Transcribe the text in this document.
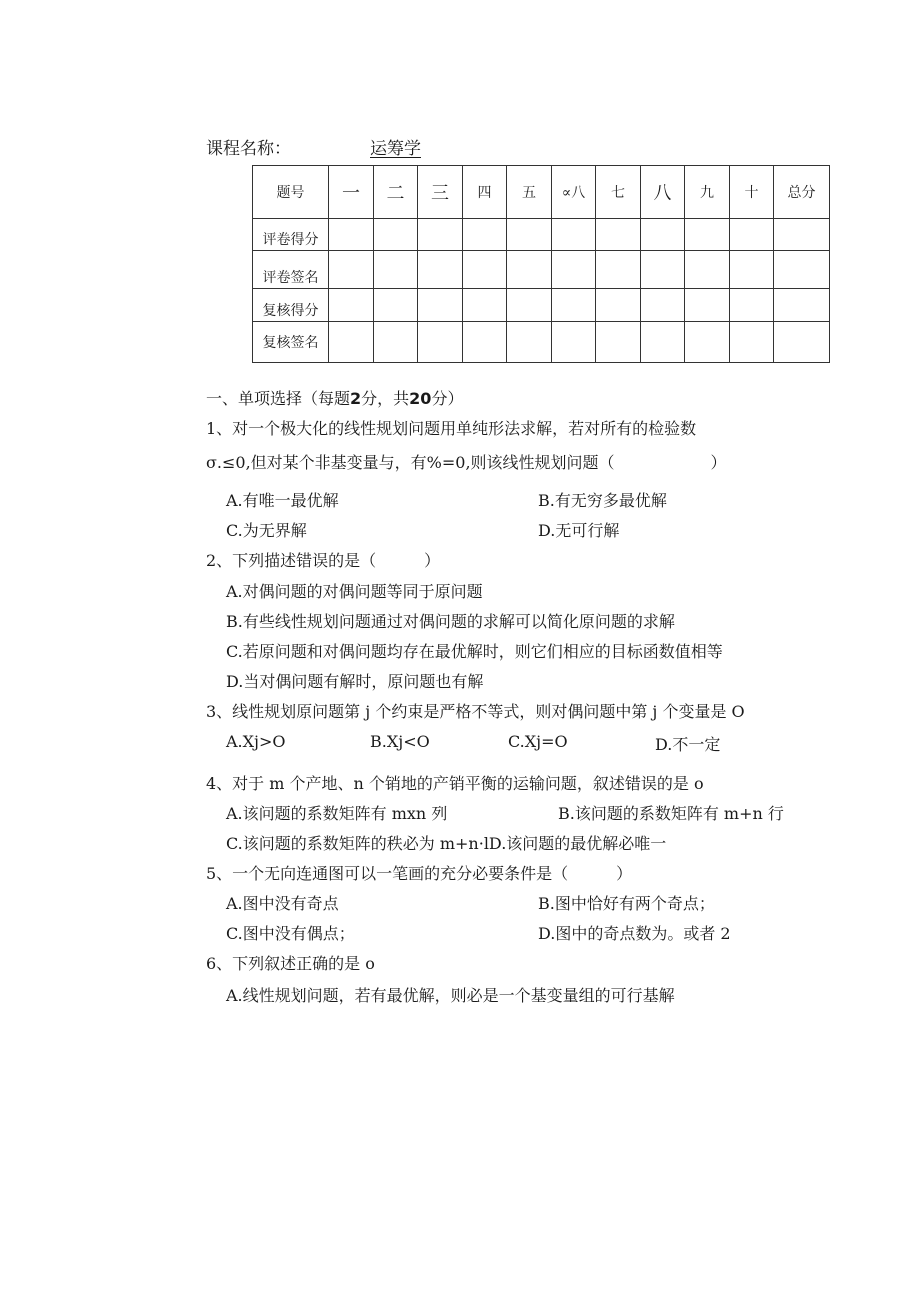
课程名称：	运筹学
题号	一	二	三	四	五	∝八	七	八	九	十	总分
评卷得分											
评卷签名											
复核得分											
复核签名											
一、单项选择（每题2分，共20分）
1、对一个极大化的线性规划问题用单纯形法求解，若对所有的检验数
σ.≤0,但对某个非基变量与，有%=0,则该线性规划问题（　　　　　　）
A.有唯一最优解	B.有无穷多最优解
C.为无界解	D.无可行解
2、下列描述错误的是（　　　）
A.对偶问题的对偶问题等同于原问题
B.有些线性规划问题通过对偶问题的求解可以简化原问题的求解
C.若原问题和对偶问题均存在最优解时，则它们相应的目标函数值相等
D.当对偶问题有解时，原问题也有解
3、线性规划原问题第 j 个约束是严格不等式，则对偶问题中第 j 个变量是 O
A.Xj>O	B.Xj<O	C.Xj=O	D.不一定
4、对于 m 个产地、n 个销地的产销平衡的运输问题，叙述错误的是 o
A.该问题的系数矩阵有 mxn 列	B.该问题的系数矩阵有 m+n 行
C.该问题的系数矩阵的秩必为 m+n·lD.该问题的最优解必唯一
5、一个无向连通图可以一笔画的充分必要条件是（　　　）
A.图中没有奇点	B.图中恰好有两个奇点；
C.图中没有偶点；	D.图中的奇点数为。或者 2
6、下列叙述正确的是 o
A.线性规划问题，若有最优解，则必是一个基变量组的可行基解
